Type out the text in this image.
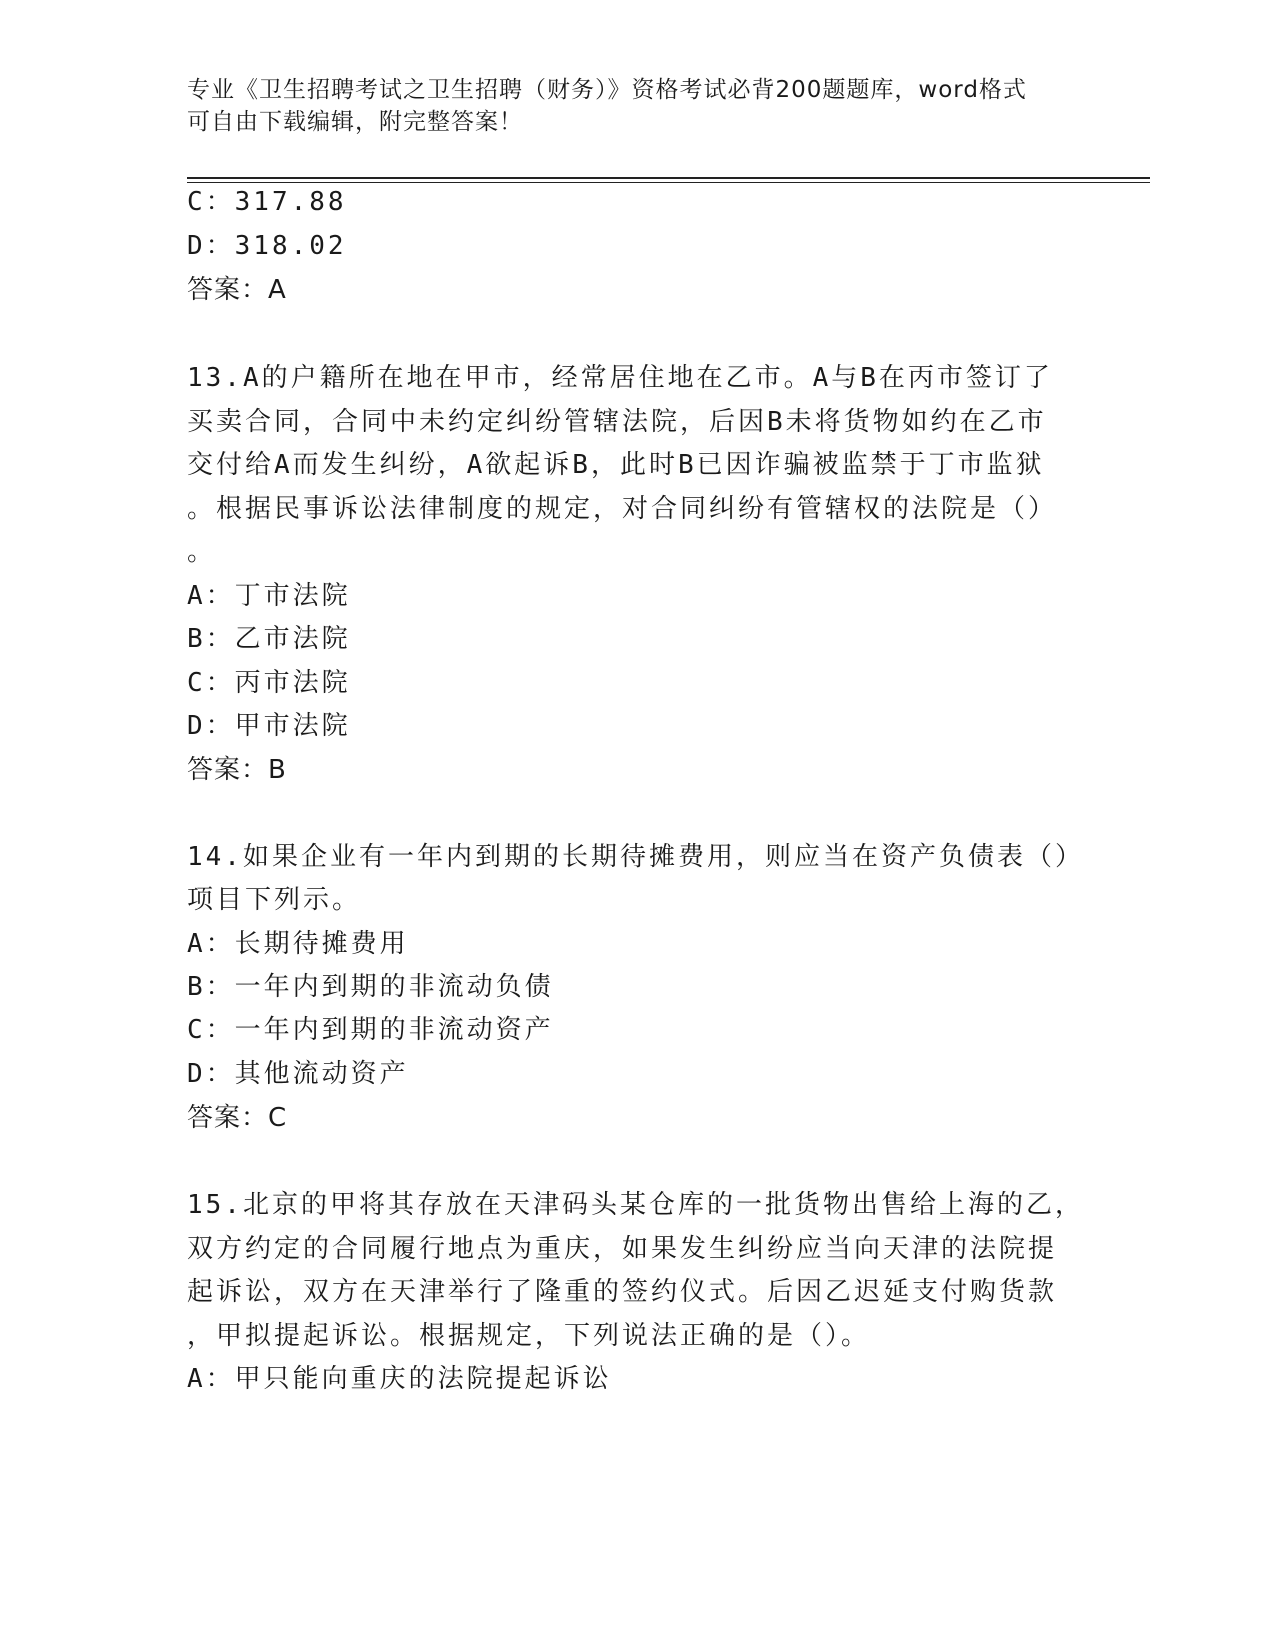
专业《卫生招聘考试之卫生招聘（财务）》资格考试必背200题题库，word格式
可自由下载编辑，附完整答案！
C：317.88
D：318.02
答案：A
13.A的户籍所在地在甲市，经常居住地在乙市。A与B在丙市签订了
买卖合同，合同中未约定纠纷管辖法院，后因B未将货物如约在乙市
交付给A而发生纠纷，A欲起诉B，此时B已因诈骗被监禁于丁市监狱
。根据民事诉讼法律制度的规定，对合同纠纷有管辖权的法院是（）
。
A：丁市法院
B：乙市法院
C：丙市法院
D：甲市法院
答案：B
14.如果企业有一年内到期的长期待摊费用，则应当在资产负债表（）
项目下列示。
A：长期待摊费用
B：一年内到期的非流动负债
C：一年内到期的非流动资产
D：其他流动资产
答案：C
15.北京的甲将其存放在天津码头某仓库的一批货物出售给上海的乙，
双方约定的合同履行地点为重庆，如果发生纠纷应当向天津的法院提
起诉讼，双方在天津举行了隆重的签约仪式。后因乙迟延支付购货款
，甲拟提起诉讼。根据规定，下列说法正确的是（）。
A：甲只能向重庆的法院提起诉讼
